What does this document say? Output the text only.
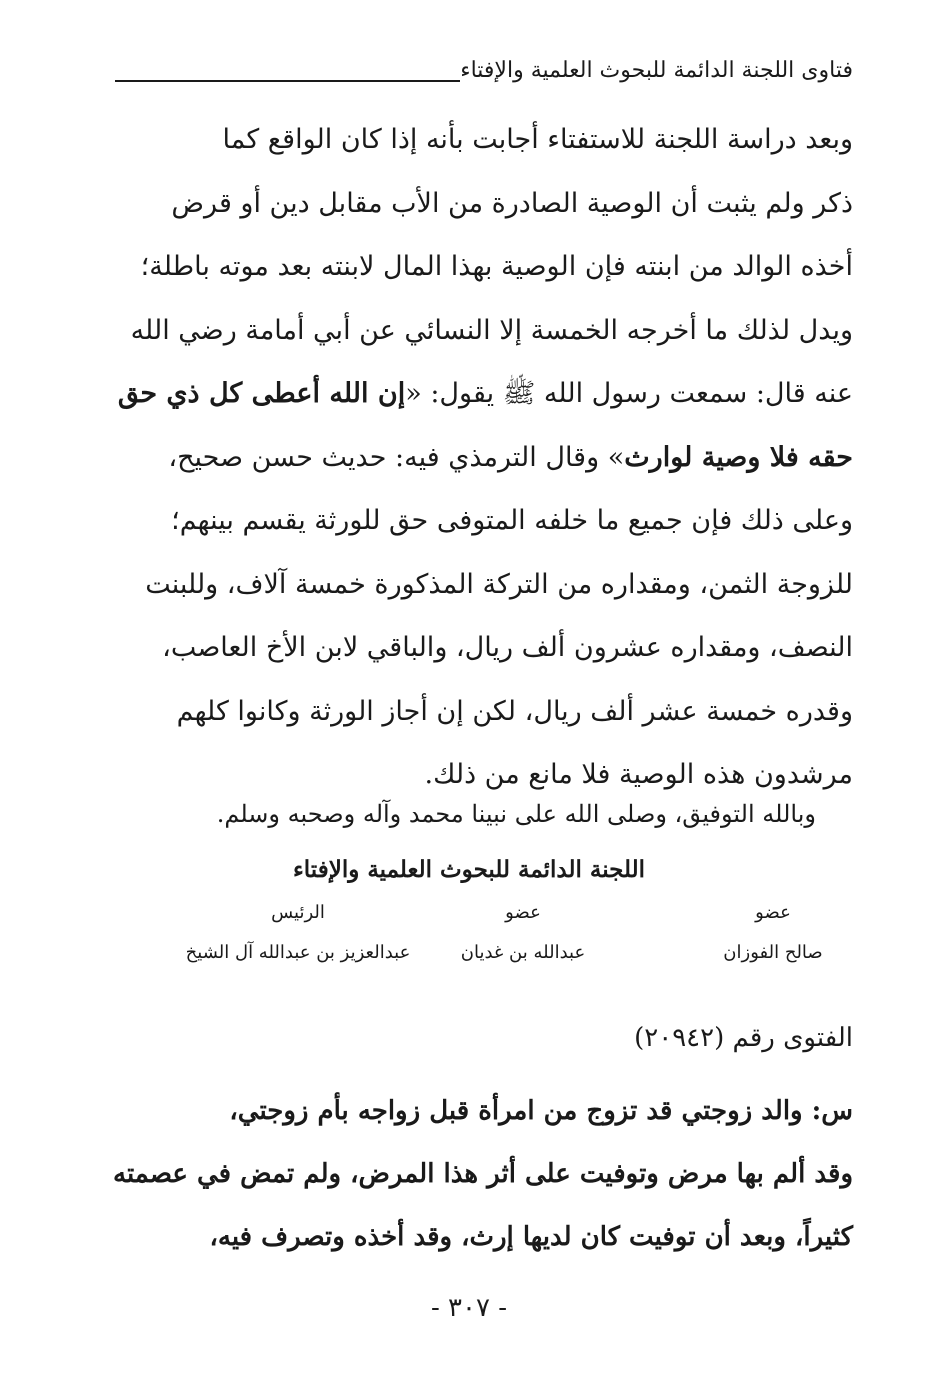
فتاوى اللجنة الدائمة للبحوث العلمية والإفتاء
وبعد دراسة اللجنة للاستفتاء أجابت بأنه إذا كان الواقع كما
ذكر ولم يثبت أن الوصية الصادرة من الأب مقابل دين أو قرض
أخذه الوالد من ابنته فإن الوصية بهذا المال لابنته بعد موته باطلة؛
ويدل لذلك ما أخرجه الخمسة إلا النسائي عن أبي أمامة رضي الله
عنه قال: سمعت رسول الله ﷺ يقول: «إن الله أعطى كل ذي حق
حقه فلا وصية لوارث» وقال الترمذي فيه: حديث حسن صحيح،
وعلى ذلك فإن جميع ما خلفه المتوفى حق للورثة يقسم بينهم؛
للزوجة الثمن، ومقداره من التركة المذكورة خمسة آلاف، وللبنت
النصف، ومقداره عشرون ألف ريال، والباقي لابن الأخ العاصب،
وقدره خمسة عشر ألف ريال، لكن إن أجاز الورثة وكانوا كلهم
مرشدون هذه الوصية فلا مانع من ذلك.
وبالله التوفيق، وصلى الله على نبينا محمد وآله وصحبه وسلم.
اللجنة الدائمة للبحوث العلمية والإفتاء
عضو
صالح الفوزان
عضو
عبدالله بن غديان
الرئيس
عبدالعزيز بن عبدالله آل الشيخ
الفتوى رقم (٢٠٩٤٢)
س: والد زوجتي قد تزوج من امرأة قبل زواجه بأم زوجتي،
وقد ألم بها مرض وتوفيت على أثر هذا المرض، ولم تمض في عصمته
كثيراً، وبعد أن توفيت كان لديها إرث، وقد أخذه وتصرف فيه،
- ٣٠٧ -
